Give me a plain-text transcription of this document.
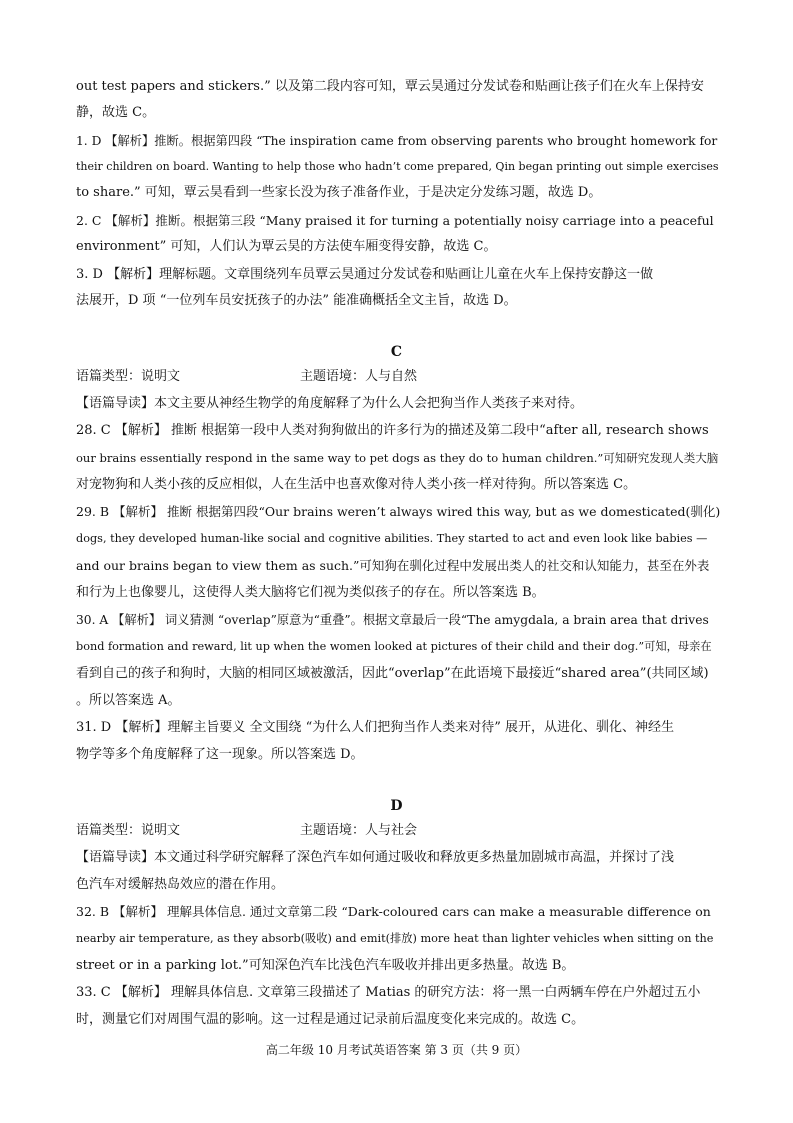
out test papers and stickers.” 以及第二段内容可知，覃云昊通过分发试卷和贴画让孩子们在火车上保持安
静，故选 C。
1. D 【解析】推断。根据第四段 “The inspiration came from observing parents who brought homework for
their children on board. Wanting to help those who hadn’t come prepared, Qin began printing out simple exercises
to share.” 可知，覃云昊看到一些家长没为孩子准备作业，于是决定分发练习题，故选 D。
2. C 【解析】推断。根据第三段 “Many praised it for turning a potentially noisy carriage into a peaceful
environment” 可知，人们认为覃云昊的方法使车厢变得安静，故选 C。
3. D 【解析】理解标题。文章围绕列车员覃云昊通过分发试卷和贴画让儿童在火车上保持安静这一做
法展开，D 项 “一位列车员安抚孩子的办法” 能准确概括全文主旨，故选 D。
C
语篇类型：说明文	主题语境：人与自然
【语篇导读】本文主要从神经生物学的角度解释了为什么人会把狗当作人类孩子来对待。
28. C 【解析】 推断 根据第一段中人类对狗狗做出的许多行为的描述及第二段中“after all, research shows
our brains essentially respond in the same way to pet dogs as they do to human children.”可知研究发现人类大脑
对宠物狗和人类小孩的反应相似，人在生活中也喜欢像对待人类小孩一样对待狗。所以答案选 C。
29. B 【解析】 推断 根据第四段“Our brains weren’t always wired this way, but as we domesticated(驯化)
dogs, they developed human-like social and cognitive abilities. They started to act and even look like babies —
and our brains began to view them as such.”可知狗在驯化过程中发展出类人的社交和认知能力，甚至在外表
和行为上也像婴儿，这使得人类大脑将它们视为类似孩子的存在。所以答案选 B。
30. A 【解析】 词义猜测 “overlap”原意为“重叠”。根据文章最后一段“The amygdala, a brain area that drives
bond formation and reward, lit up when the women looked at pictures of their child and their dog.”可知，母亲在
看到自己的孩子和狗时，大脑的相同区域被激活，因此“overlap”在此语境下最接近“shared area”(共同区域)
。所以答案选 A。
31. D 【解析】理解主旨要义 全文围绕 “为什么人们把狗当作人类来对待” 展开，从进化、驯化、神经生
物学等多个角度解释了这一现象。所以答案选 D。
D
语篇类型：说明文	主题语境：人与社会
【语篇导读】本文通过科学研究解释了深色汽车如何通过吸收和释放更多热量加剧城市高温，并探讨了浅
色汽车对缓解热岛效应的潜在作用。
32. B 【解析】 理解具体信息. 通过文章第二段 “Dark-coloured cars can make a measurable difference on
nearby air temperature, as they absorb(吸收) and emit(排放) more heat than lighter vehicles when sitting on the
street or in a parking lot.”可知深色汽车比浅色汽车吸收并排出更多热量。故选 B。
33. C 【解析】 理解具体信息. 文章第三段描述了 Matias 的研究方法：将一黑一白两辆车停在户外超过五小
时，测量它们对周围气温的影响。这一过程是通过记录前后温度变化来完成的。故选 C。
高二年级 10 月考试英语答案 第 3 页（共 9 页）
